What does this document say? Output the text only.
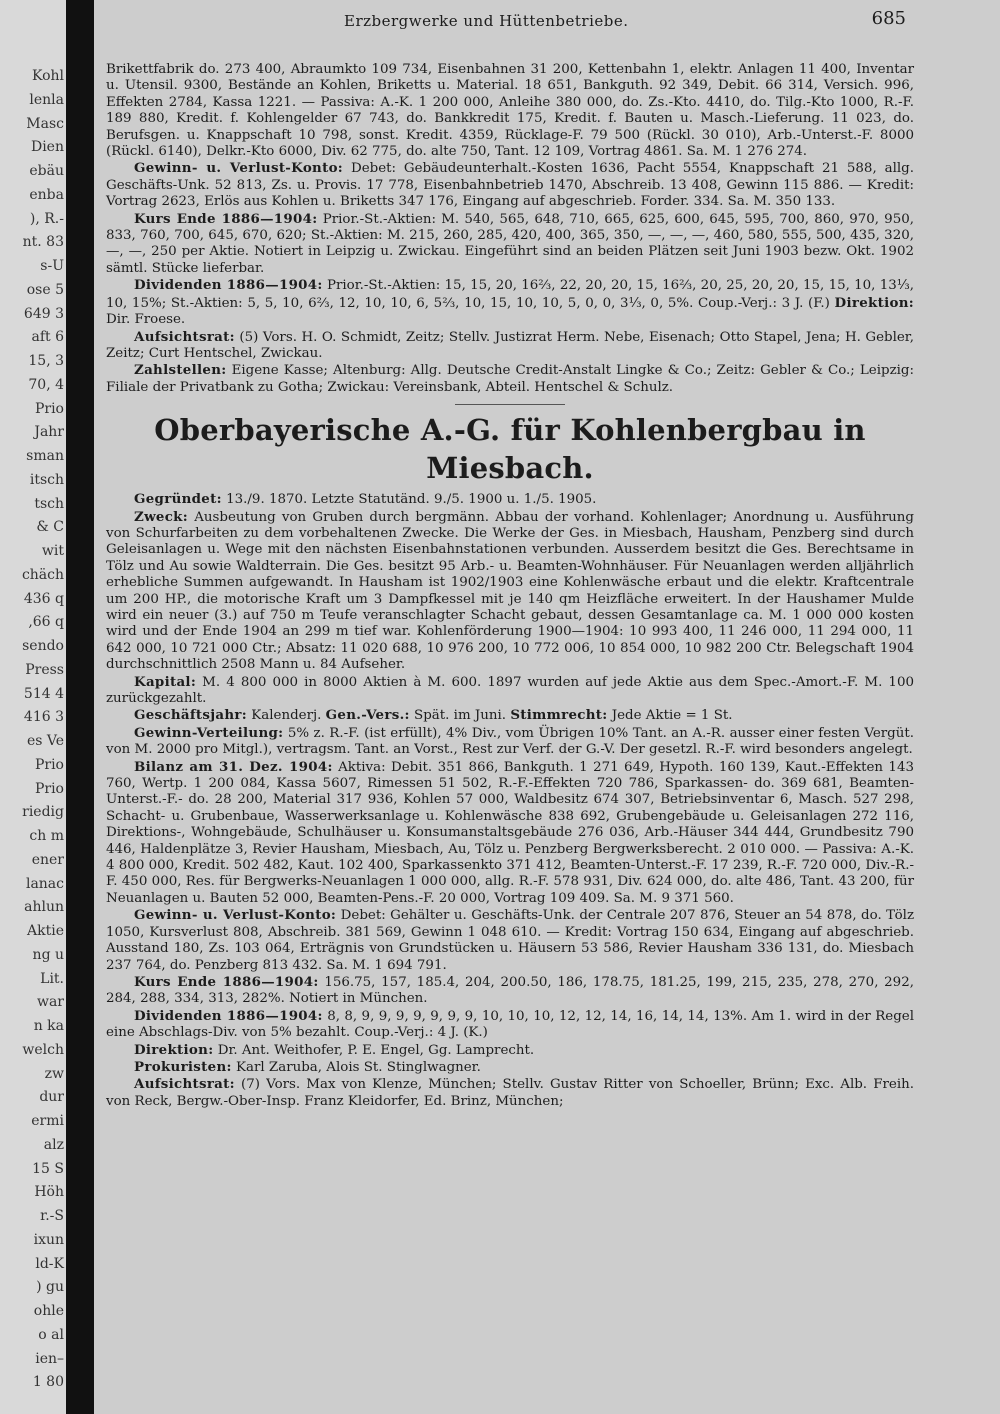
Kohl
lenla
Masc
Dien
ebäu
enba
), R.-
nt. 83
s-U
ose 5
649 3
aft 6
15, 3
70, 4
Prio
Jahr
sman
itsch
tsch
& C
wit
chäch
436 q
,66 q
sendo
Press
514 4
416 3
es Ve
Prio
Prio
riedig
ch m
ener
lanac
ahlun
Aktie
ng u
Lit.
war
n ka
welch
zw
dur
ermi
alz
15 S
Höh
r.-S
ixun
ld-K
) gu
ohle
o al
ien–
1 80
Erzbergwerke und Hüttenbetriebe.	685

Brikettfabrik do. 273 400, Abraumkto 109 734, Eisenbahnen 31 200, Kettenbahn 1, elektr. Anlagen 11 400, Inventar u. Utensil. 9300, Bestände an Kohlen, Briketts u. Material. 18 651, Bankguth. 92 349, Debit. 66 314, Versich. 996, Effekten 2784, Kassa 1221. — Passiva: A.-K. 1 200 000, Anleihe 380 000, do. Zs.-Kto. 4410, do. Tilg.-Kto 1000, R.-F. 189 880, Kredit. f. Kohlengelder 67 743, do. Bankkredit 175, Kredit. f. Bauten u. Masch.-Lieferung. 11 023, do. Berufsgen. u. Knappschaft 10 798, sonst. Kredit. 4359, Rücklage-F. 79 500 (Rückl. 30 010), Arb.-Unterst.-F. 8000 (Rückl. 6140), Delkr.-Kto 6000, Div. 62 775, do. alte 750, Tant. 12 109, Vortrag 4861. Sa. M. 1 276 274.

Gewinn- u. Verlust-Konto: Debet: Gebäudeunterhalt.-Kosten 1636, Pacht 5554, Knappschaft 21 588, allg. Geschäfts-Unk. 52 813, Zs. u. Provis. 17 778, Eisenbahnbetrieb 1470, Abschreib. 13 408, Gewinn 115 886. — Kredit: Vortrag 2623, Erlös aus Kohlen u. Briketts 347 176, Eingang auf abgeschrieb. Forder. 334. Sa. M. 350 133.

Kurs Ende 1886—1904: Prior.-St.-Aktien: M. 540, 565, 648, 710, 665, 625, 600, 645, 595, 700, 860, 970, 950, 833, 760, 700, 645, 670, 620; St.-Aktien: M. 215, 260, 285, 420, 400, 365, 350, —, —, —, 460, 580, 555, 500, 435, 320, —, —, 250 per Aktie. Notiert in Leipzig u. Zwickau. Eingeführt sind an beiden Plätzen seit Juni 1903 bezw. Okt. 1902 sämtl. Stücke lieferbar.

Dividenden 1886—1904: Prior.-St.-Aktien: 15, 15, 20, 16⅔, 22, 20, 20, 15, 16⅔, 20, 25, 20, 20, 15, 15, 10, 13⅓, 10, 15%; St.-Aktien: 5, 5, 10, 6⅔, 12, 10, 10, 6, 5⅔, 10, 15, 10, 10, 5, 0, 0, 3⅓, 0, 5%. Coup.-Verj.: 3 J. (F.) Direktion: Dir. Froese.

Aufsichtsrat: (5) Vors. H. O. Schmidt, Zeitz; Stellv. Justizrat Herm. Nebe, Eisenach; Otto Stapel, Jena; H. Gebler, Zeitz; Curt Hentschel, Zwickau.

Zahlstellen: Eigene Kasse; Altenburg: Allg. Deutsche Credit-Anstalt Lingke & Co.; Zeitz: Gebler & Co.; Leipzig: Filiale der Privatbank zu Gotha; Zwickau: Vereinsbank, Abteil. Hentschel & Schulz.

Oberbayerische A.-G. für Kohlenbergbau in Miesbach.

Gegründet: 13./9. 1870. Letzte Statutänd. 9./5. 1900 u. 1./5. 1905.

Zweck: Ausbeutung von Gruben durch bergmänn. Abbau der vorhand. Kohlenlager; Anordnung u. Ausführung von Schurfarbeiten zu dem vorbehaltenen Zwecke. Die Werke der Ges. in Miesbach, Hausham, Penzberg sind durch Geleisanlagen u. Wege mit den nächsten Eisenbahnstationen verbunden. Ausserdem besitzt die Ges. Berechtsame in Tölz und Au sowie Waldterrain. Die Ges. besitzt 95 Arb.- u. Beamten-Wohnhäuser. Für Neuanlagen werden alljährlich erhebliche Summen aufgewandt. In Hausham ist 1902/1903 eine Kohlenwäsche erbaut und die elektr. Kraftcentrale um 200 HP., die motorische Kraft um 3 Dampfkessel mit je 140 qm Heizfläche erweitert. In der Haushamer Mulde wird ein neuer (3.) auf 750 m Teufe veranschlagter Schacht gebaut, dessen Gesamtanlage ca. M. 1 000 000 kosten wird und der Ende 1904 an 299 m tief war. Kohlenförderung 1900—1904: 10 993 400, 11 246 000, 11 294 000, 11 642 000, 10 721 000 Ctr.; Absatz: 11 020 688, 10 976 200, 10 772 006, 10 854 000, 10 982 200 Ctr. Belegschaft 1904 durchschnittlich 2508 Mann u. 84 Aufseher.

Kapital: M. 4 800 000 in 8000 Aktien à M. 600. 1897 wurden auf jede Aktie aus dem Spec.-Amort.-F. M. 100 zurückgezahlt.

Geschäftsjahr: Kalenderj. Gen.-Vers.: Spät. im Juni. Stimmrecht: Jede Aktie = 1 St.

Gewinn-Verteilung: 5% z. R.-F. (ist erfüllt), 4% Div., vom Übrigen 10% Tant. an A.-R. ausser einer festen Vergüt. von M. 2000 pro Mitgl.), vertragsm. Tant. an Vorst., Rest zur Verf. der G.-V. Der gesetzl. R.-F. wird besonders angelegt.

Bilanz am 31. Dez. 1904: Aktiva: Debit. 351 866, Bankguth. 1 271 649, Hypoth. 160 139, Kaut.-Effekten 143 760, Wertp. 1 200 084, Kassa 5607, Rimessen 51 502, R.-F.-Effekten 720 786, Sparkassen- do. 369 681, Beamten-Unterst.-F.- do. 28 200, Material 317 936, Kohlen 57 000, Waldbesitz 674 307, Betriebsinventar 6, Masch. 527 298, Schacht- u. Grubenbaue, Wasserwerksanlage u. Kohlenwäsche 838 692, Grubengebäude u. Geleisanlagen 272 116, Direktions-, Wohngebäude, Schulhäuser u. Konsumanstaltsgebäude 276 036, Arb.-Häuser 344 444, Grundbesitz 790 446, Haldenplätze 3, Revier Hausham, Miesbach, Au, Tölz u. Penzberg Bergwerksberecht. 2 010 000. — Passiva: A.-K. 4 800 000, Kredit. 502 482, Kaut. 102 400, Sparkassenkto 371 412, Beamten-Unterst.-F. 17 239, R.-F. 720 000, Div.-R.-F. 450 000, Res. für Bergwerks-Neuanlagen 1 000 000, allg. R.-F. 578 931, Div. 624 000, do. alte 486, Tant. 43 200, für Neuanlagen u. Bauten 52 000, Beamten-Pens.-F. 20 000, Vortrag 109 409. Sa. M. 9 371 560.

Gewinn- u. Verlust-Konto: Debet: Gehälter u. Geschäfts-Unk. der Centrale 207 876, Steuer an 54 878, do. Tölz 1050, Kursverlust 808, Abschreib. 381 569, Gewinn 1 048 610. — Kredit: Vortrag 150 634, Eingang auf abgeschrieb. Ausstand 180, Zs. 103 064, Erträgnis von Grundstücken u. Häusern 53 586, Revier Hausham 336 131, do. Miesbach 237 764, do. Penzberg 813 432. Sa. M. 1 694 791.

Kurs Ende 1886—1904: 156.75, 157, 185.4, 204, 200.50, 186, 178.75, 181.25, 199, 215, 235, 278, 270, 292, 284, 288, 334, 313, 282%. Notiert in München.

Dividenden 1886—1904: 8, 8, 9, 9, 9, 9, 9, 9, 9, 10, 10, 10, 12, 12, 14, 16, 14, 14, 13%. Am 1. wird in der Regel eine Abschlags-Div. von 5% bezahlt. Coup.-Verj.: 4 J. (K.)

Direktion: Dr. Ant. Weithofer, P. E. Engel, Gg. Lamprecht.

Prokuristen: Karl Zaruba, Alois St. Stinglwagner.

Aufsichtsrat: (7) Vors. Max von Klenze, München; Stellv. Gustav Ritter von Schoeller, Brünn; Exc. Alb. Freih. von Reck, Bergw.-Ober-Insp. Franz Kleidorfer, Ed. Brinz, München;
